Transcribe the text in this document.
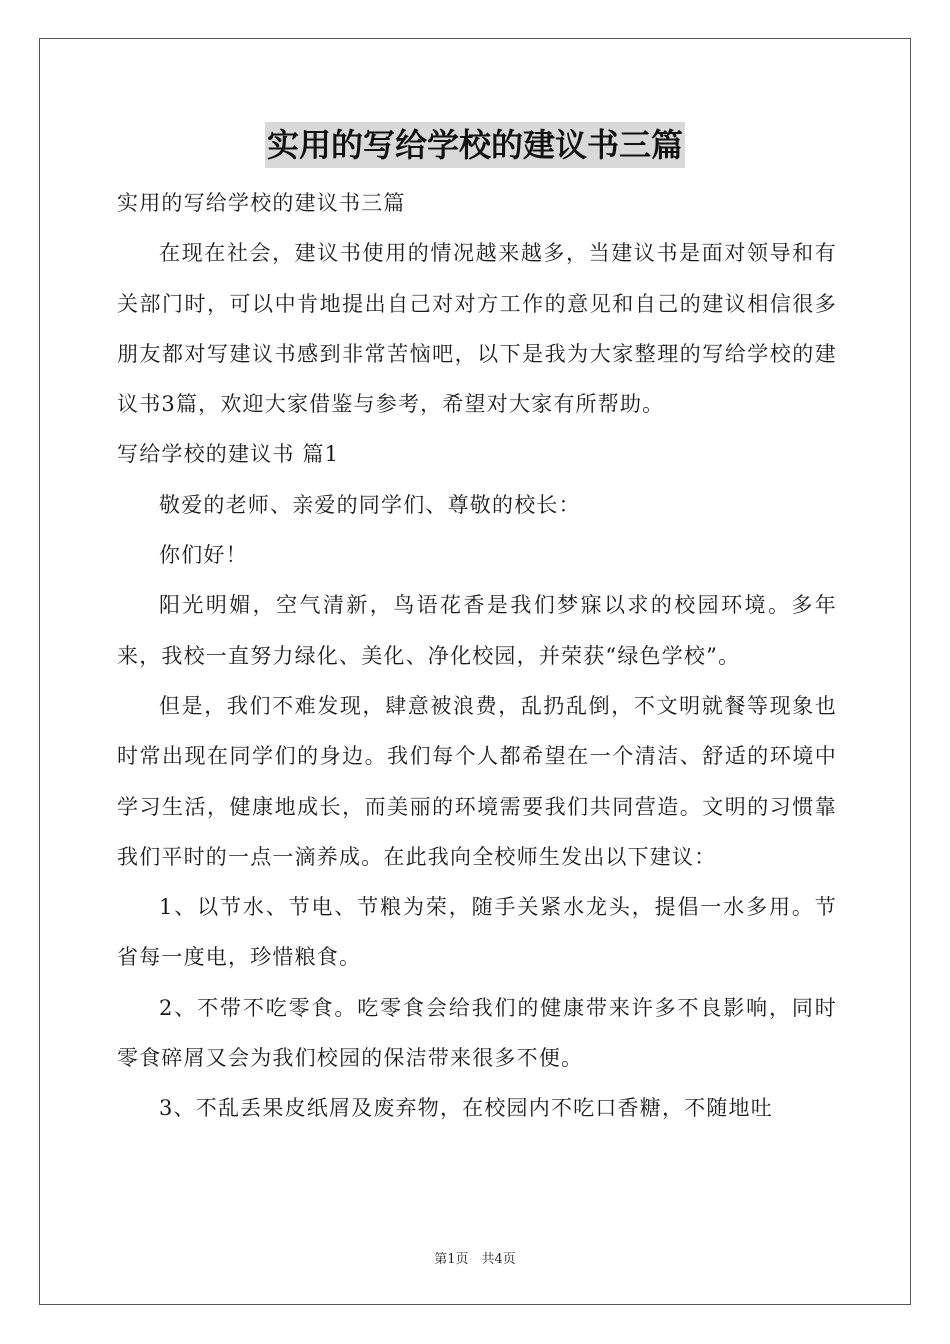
实用的写给学校的建议书三篇

实用的写给学校的建议书三篇

在现在社会，建议书使用的情况越来越多，当建议书是面对领导和有关部门时，可以中肯地提出自己对对方工作的意见和自己的建议相信很多朋友都对写建议书感到非常苦恼吧，以下是我为大家整理的写给学校的建议书3篇，欢迎大家借鉴与参考，希望对大家有所帮助。

写给学校的建议书 篇1

敬爱的老师、亲爱的同学们、尊敬的校长：

你们好！

阳光明媚，空气清新，鸟语花香是我们梦寐以求的校园环境。多年来，我校一直努力绿化、美化、净化校园，并荣获“绿色学校”。

但是，我们不难发现，肆意被浪费，乱扔乱倒，不文明就餐等现象也时常出现在同学们的身边。我们每个人都希望在一个清洁、舒适的环境中学习生活，健康地成长，而美丽的环境需要我们共同营造。文明的习惯靠我们平时的一点一滴养成。在此我向全校师生发出以下建议：

1、以节水、节电、节粮为荣，随手关紧水龙头，提倡一水多用。节省每一度电，珍惜粮食。

2、不带不吃零食。吃零食会给我们的健康带来许多不良影响，同时零食碎屑又会为我们校园的保洁带来很多不便。

3、不乱丢果皮纸屑及废弃物，在校园内不吃口香糖，不随地吐

第1页　共4页
